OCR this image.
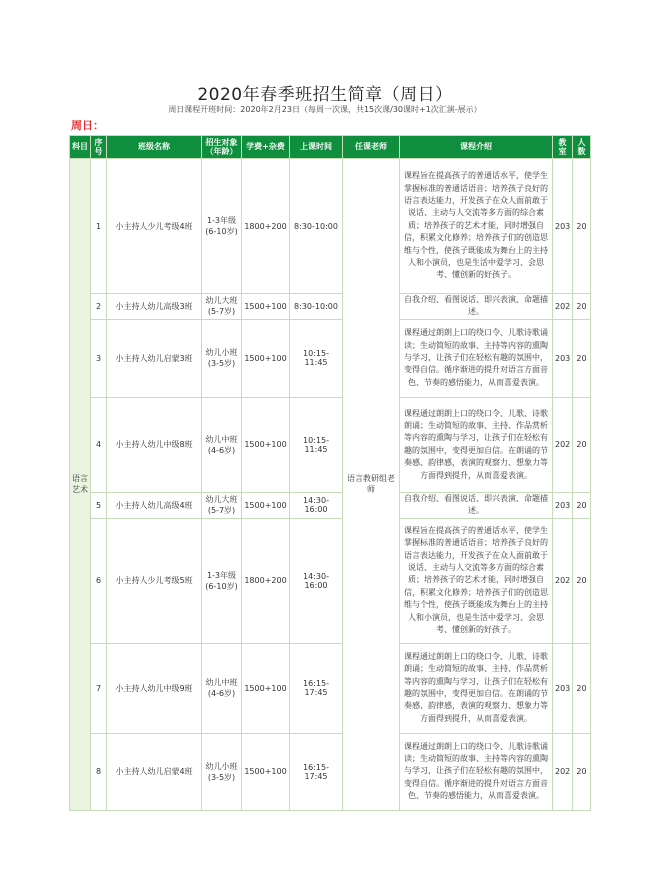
2020年春季班招生简章（周日）
周日课程开班时间：2020年2月23日（每周一次课，共15次课/30课时+1次汇演-展示）
周日：
科目	序号	班级名称	招生对象（年龄）	学费+杂费	上课时间	任课老师	课程介绍	教室	人数
语言艺术	1	小主持人少儿考级4班	1-3年级(6-10岁)	1800+200	8:30-10:00	语言教研组老师	课程旨在提高孩子的普通话水平，使学生掌握标准的普通话语音；培养孩子良好的语言表达能力，开发孩子在众人面前敢于说话、主动与人交流等多方面的综合素质；培养孩子的艺术才能，同时增强自信，积累文化修养；培养孩子们的创造思维与个性，使孩子既能成为舞台上的主持人和小演员，也是生活中爱学习、会思考、懂创新的好孩子。	203	20
	2	小主持人幼儿高级3班	幼儿大班(5-7岁)	1500+100	8:30-10:00		自我介绍、看图说话、即兴表演、命题描述。	202	20
	3	小主持人幼儿启蒙3班	幼儿小班(3-5岁)	1500+100	10:15-11:45		课程通过朗朗上口的绕口令、儿歌诗歌诵读；生动简短的故事、主持等内容的熏陶与学习，让孩子们在轻松有趣的氛围中，变得自信。循序渐进的提升对语言方面音色、节奏的感悟能力，从而喜爱表演。	203	20
	4	小主持人幼儿中级8班	幼儿中班(4-6岁)	1500+100	10:15-11:45		课程通过朗朗上口的绕口令、儿歌、诗歌朗诵；生动简短的故事、主持、作品赏析等内容的熏陶与学习，让孩子们在轻松有趣的氛围中，变得更加自信。在朗诵的节奏感、韵律感，表演的观察力、想象力等方面得到提升，从而喜爱表演。	202	20
	5	小主持人幼儿高级4班	幼儿大班(5-7岁)	1500+100	14:30-16:00		自我介绍、看图说话、即兴表演、命题描述。	203	20
	6	小主持人少儿考级5班	1-3年级(6-10岁)	1800+200	14:30-16:00		课程旨在提高孩子的普通话水平，使学生掌握标准的普通话语音；培养孩子良好的语言表达能力，开发孩子在众人面前敢于说话、主动与人交流等多方面的综合素质；培养孩子的艺术才能，同时增强自信，积累文化修养；培养孩子们的创造思维与个性，使孩子既能成为舞台上的主持人和小演员，也是生活中爱学习、会思考、懂创新的好孩子。	202	20
	7	小主持人幼儿中级9班	幼儿中班(4-6岁)	1500+100	16:15-17:45		课程通过朗朗上口的绕口令、儿歌、诗歌朗诵；生动简短的故事、主持、作品赏析等内容的熏陶与学习，让孩子们在轻松有趣的氛围中，变得更加自信。在朗诵的节奏感、韵律感，表演的观察力、想象力等方面得到提升，从而喜爱表演。	203	20
	8	小主持人幼儿启蒙4班	幼儿小班(3-5岁)	1500+100	16:15-17:45		课程通过朗朗上口的绕口令、儿歌诗歌诵读；生动简短的故事、主持等内容的熏陶与学习，让孩子们在轻松有趣的氛围中，变得自信。循序渐进的提升对语言方面音色、节奏的感悟能力，从而喜爱表演。	202	20
